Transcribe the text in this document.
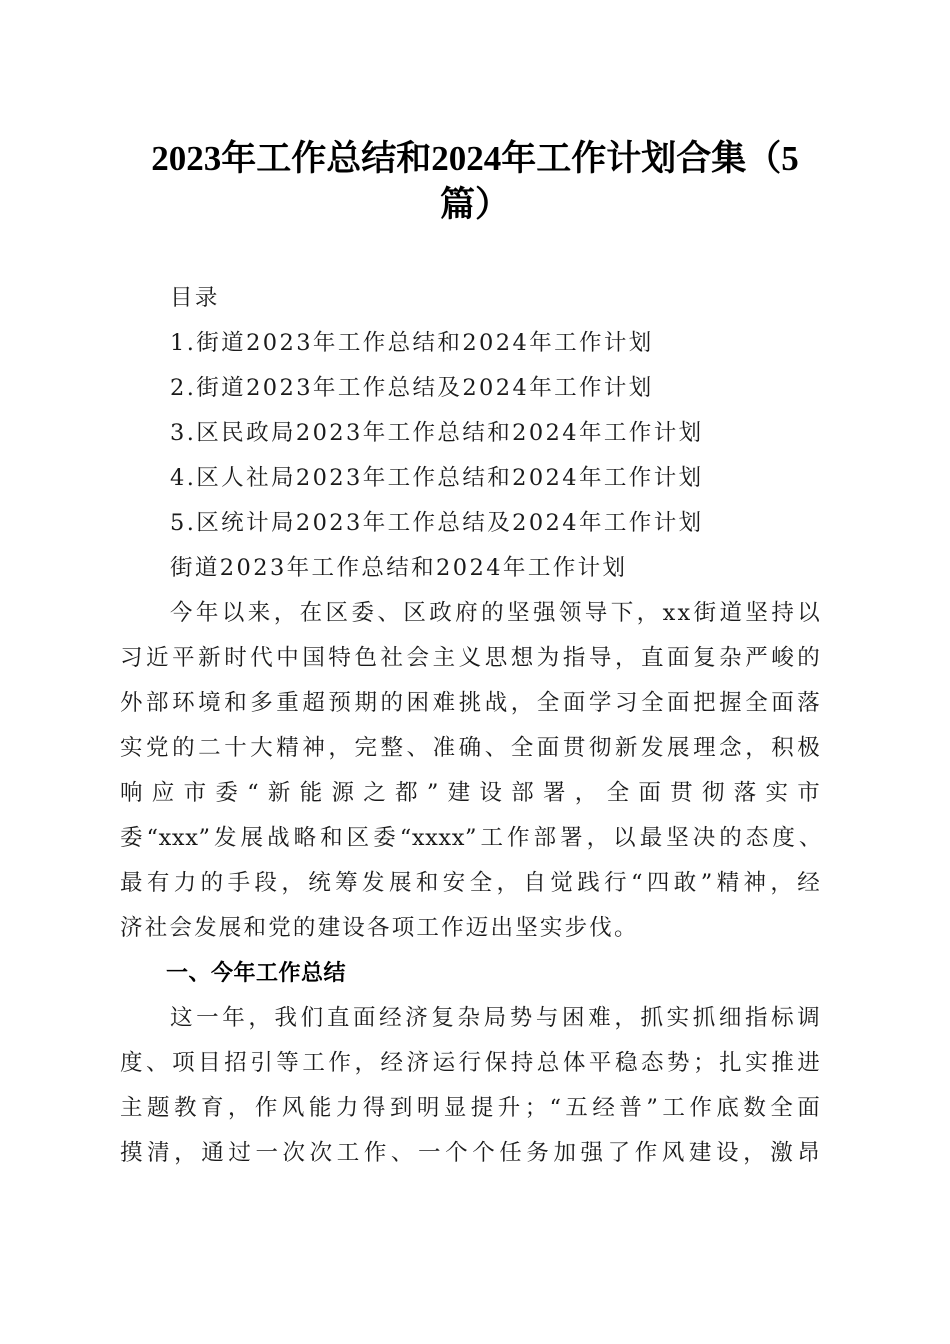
2023年工作总结和2024年工作计划合集（5
篇）
目录
1.街道2023年工作总结和2024年工作计划
2.街道2023年工作总结及2024年工作计划
3.区民政局2023年工作总结和2024年工作计划
4.区人社局2023年工作总结和2024年工作计划
5.区统计局2023年工作总结及2024年工作计划
街道2023年工作总结和2024年工作计划
今年以来，在区委、区政府的坚强领导下，xx街道坚持以
习近平新时代中国特色社会主义思想为指导，直面复杂严峻的
外部环境和多重超预期的困难挑战，全面学习全面把握全面落
实党的二十大精神，完整、准确、全面贯彻新发展理念，积极
响应市委“新能源之都”建设部署，全面贯彻落实市
委“xxx”发展战略和区委“xxxx”工作部署，以最坚决的态度、
最有力的手段，统筹发展和安全，自觉践行“四敢”精神，经
济社会发展和党的建设各项工作迈出坚实步伐。
一、今年工作总结
这一年，我们直面经济复杂局势与困难，抓实抓细指标调
度、项目招引等工作，经济运行保持总体平稳态势；扎实推进
主题教育，作风能力得到明显提升；“五经普”工作底数全面
摸清，通过一次次工作、一个个任务加强了作风建设，激昂
